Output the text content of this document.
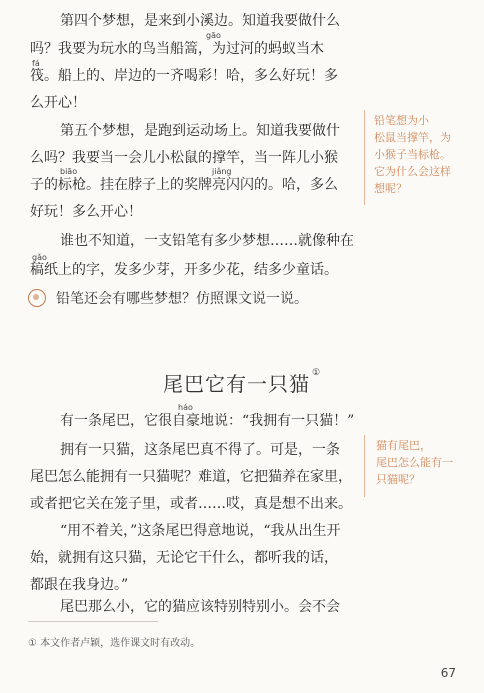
第四个梦想，是来到小溪边。知道我要做什么
gāo
吗？我要为玩水的鸟当船篙，为过河的蚂蚁当木
fá
筏。船上的、岸边的一齐喝彩！哈，多么好玩！多
么开心！
第五个梦想，是跑到运动场上。知道我要做什
么吗？我要当一会儿小松鼠的撑竿，当一阵儿小猴
biāo	jiǎng
子的标枪。挂在脖子上的奖牌亮闪闪的。哈，多么
好玩！多么开心！
谁也不知道，一支铅笔有多少梦想……就像种在
gǎo
稿纸上的字，发多少芽，开多少花，结多少童话。
铅笔想为小
松鼠当撑竿，为
小猴子当标枪。
它为什么会这样
想呢？
铅笔还会有哪些梦想？仿照课文说一说。
尾巴它有一只猫 ①
háo
有一条尾巴，它很自豪地说：“我拥有一只猫！”
拥有一只猫，这条尾巴真不得了。可是，一条
尾巴怎么能拥有一只猫呢？难道，它把猫养在家里，
或者把它关在笼子里，或者……哎，真是想不出来。
“用不着关，”这条尾巴得意地说，“我从出生开
始，就拥有这只猫，无论它干什么，都听我的话，
都跟在我身边。”
尾巴那么小，它的猫应该特别特别小。会不会
猫有尾巴，
尾巴怎么能有一
只猫呢？
① 本文作者卢颖，选作课文时有改动。
67
